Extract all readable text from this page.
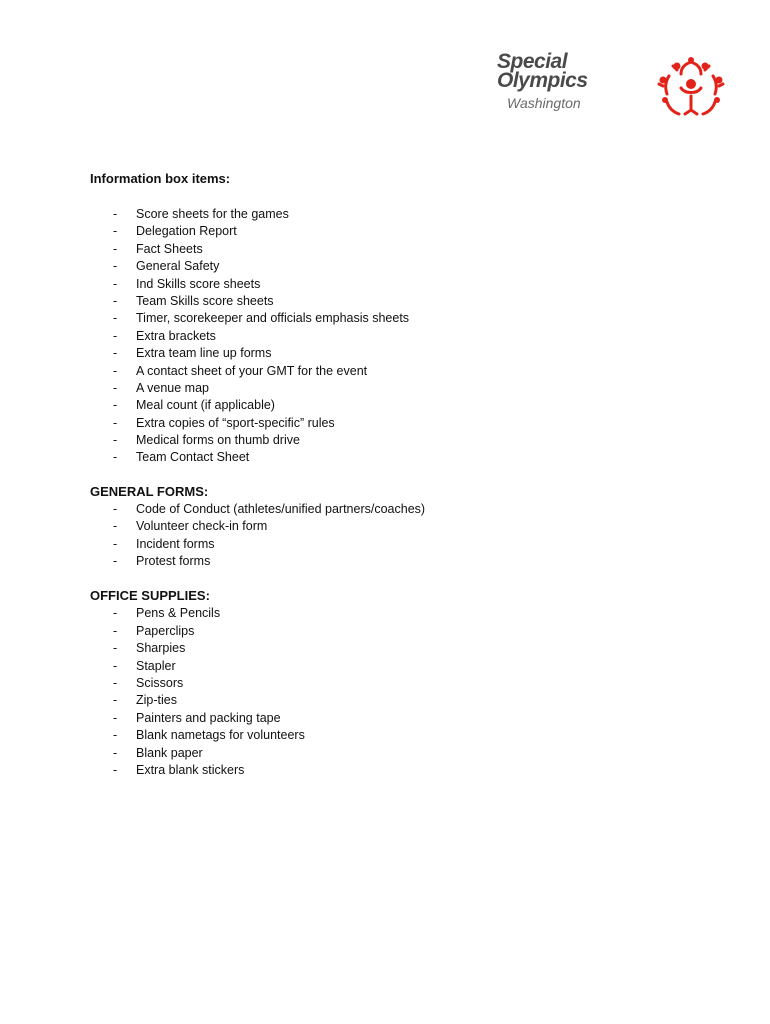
Special
Olympics
Washington

Information box items:

- Score sheets for the games
- Delegation Report
- Fact Sheets
- General Safety
- Ind Skills score sheets
- Team Skills score sheets
- Timer, scorekeeper and officials emphasis sheets
- Extra brackets
- Extra team line up forms
- A contact sheet of your GMT for the event
- A venue map
- Meal count (if applicable)
- Extra copies of “sport-specific” rules
- Medical forms on thumb drive
- Team Contact Sheet

GENERAL FORMS:

- Code of Conduct (athletes/unified partners/coaches)
- Volunteer check-in form
- Incident forms
- Protest forms

OFFICE SUPPLIES:

- Pens & Pencils
- Paperclips
- Sharpies
- Stapler
- Scissors
- Zip-ties
- Painters and packing tape
- Blank nametags for volunteers
- Blank paper
- Extra blank stickers
